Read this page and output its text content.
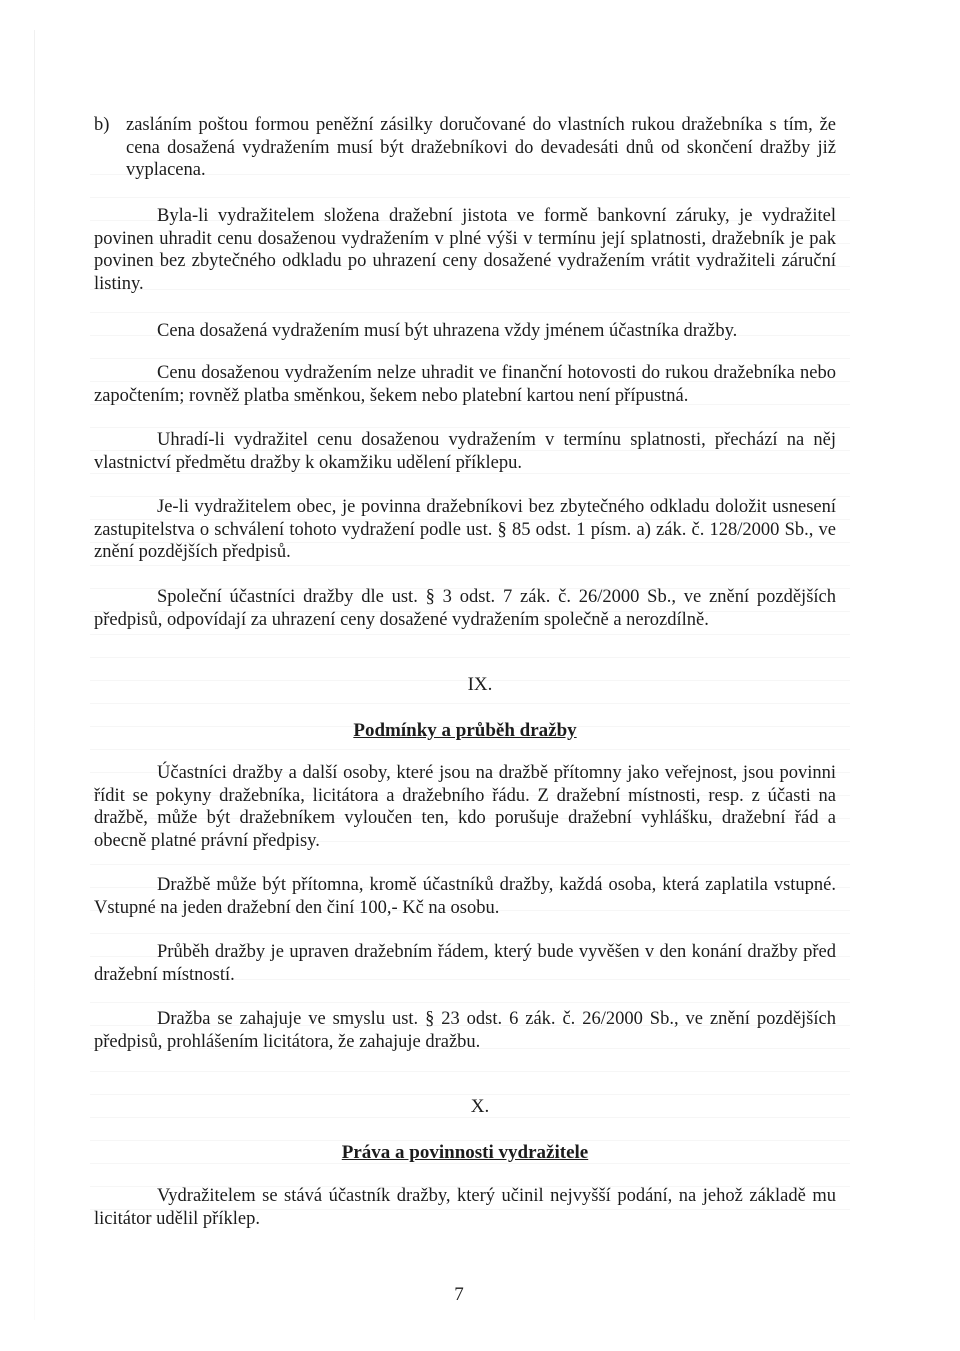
b) zasláním poštou formou peněžní zásilky doručované do vlastních rukou dražebníka s tím, že cena dosažená vydražením musí být dražebníkovi do devadesáti dnů od skončení dražby již vyplacena.

Byla-li vydražitelem složena dražební jistota ve formě bankovní záruky, je vydražitel povinen uhradit cenu dosaženou vydražením v plné výši v termínu její splatnosti, dražebník je pak povinen bez zbytečného odkladu po uhrazení ceny dosažené vydražením vrátit vydražiteli záruční listiny.

Cena dosažená vydražením musí být uhrazena vždy jménem účastníka dražby.

Cenu dosaženou vydražením nelze uhradit ve finanční hotovosti do rukou dražebníka nebo započtením; rovněž platba směnkou, šekem nebo platební kartou není přípustná.

Uhradí-li vydražitel cenu dosaženou vydražením v termínu splatnosti, přechází na něj vlastnictví předmětu dražby k okamžiku udělení příklepu.

Je-li vydražitelem obec, je povinna dražebníkovi bez zbytečného odkladu doložit usnesení zastupitelstva o schválení tohoto vydražení podle ust. § 85 odst. 1 písm. a) zák. č. 128/2000 Sb., ve znění pozdějších předpisů.

Společní účastníci dražby dle ust. § 3 odst. 7 zák. č. 26/2000 Sb., ve znění pozdějších předpisů, odpovídají za uhrazení ceny dosažené vydražením společně a nerozdílně.

IX.
Podmínky a průběh dražby

Účastníci dražby a další osoby, které jsou na dražbě přítomny jako veřejnost, jsou povinni řídit se pokyny dražebníka, licitátora a dražebního řádu. Z dražební místnosti, resp. z účasti na dražbě, může být dražebníkem vyloučen ten, kdo porušuje dražební vyhlášku, dražební řád a obecně platné právní předpisy.

Dražbě může být přítomna, kromě účastníků dražby, každá osoba, která zaplatila vstupné. Vstupné na jeden dražební den činí 100,- Kč na osobu.

Průběh dražby je upraven dražebním řádem, který bude vyvěšen v den konání dražby před dražební místností.

Dražba se zahajuje ve smyslu ust. § 23 odst. 6 zák. č. 26/2000 Sb., ve znění pozdějších předpisů, prohlášením licitátora, že zahajuje dražbu.

X.
Práva a povinnosti vydražitele

Vydražitelem se stává účastník dražby, který učinil nejvyšší podání, na jehož základě mu licitátor udělil příklep.

7
